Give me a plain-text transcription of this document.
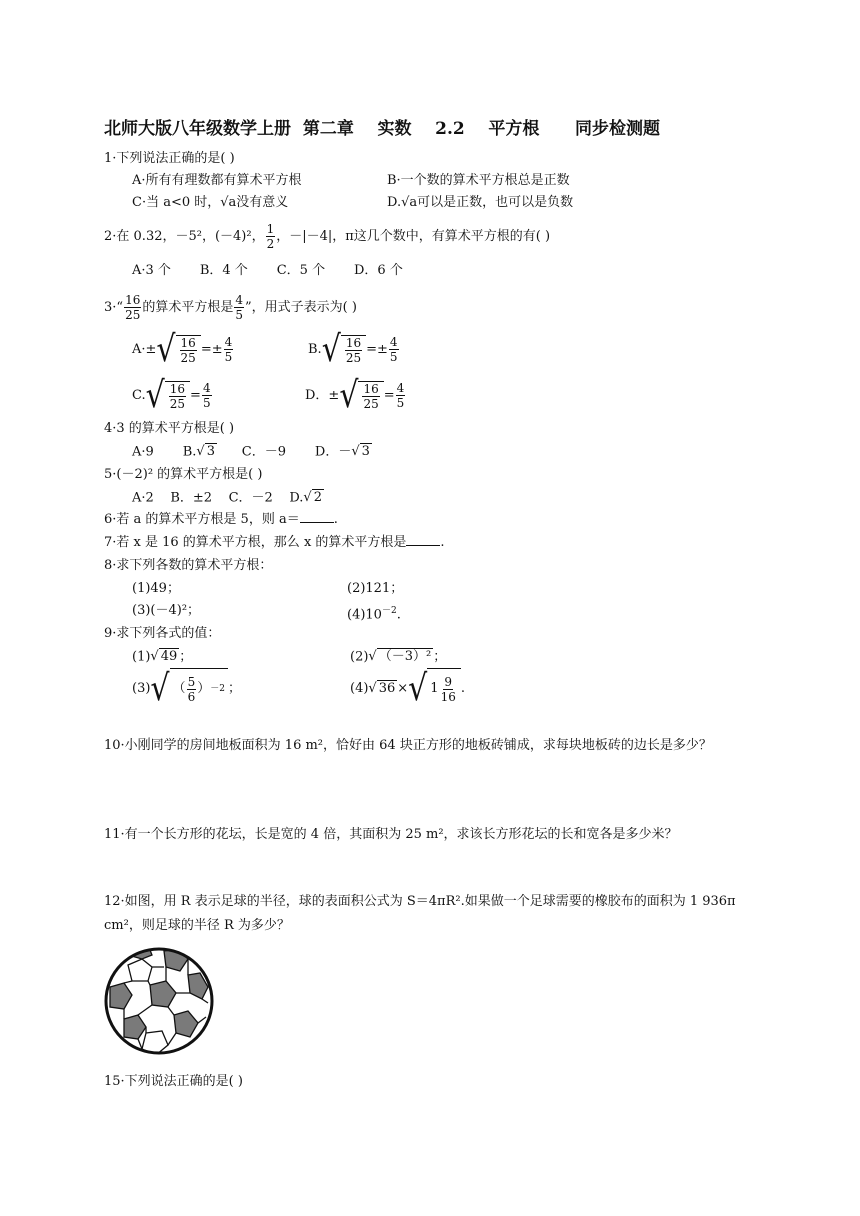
北师大版八年级数学上册  第二章    实数    2.2    平方根      同步检测题
1·下列说法正确的是( )
A·所有有理数都有算术平方根	B·一个数的算术平方根总是正数
C·当 a<0 时，√a没有意义	D.√a可以是正数，也可以是负数
2·在 0.32，－5²，(－4)²， $\frac{1}{2}$ ，－|－4|，π这几个数中，有算术平方根的有( )
A·3 个       B．4 个       C．5 个       D．6 个
3·“ $\frac{16}{25}$ 的算术平方根是 $\frac{4}{5}$ ”，用式子表示为( )
A·± √ $\frac{16}{25} =\pm \frac{4}{5}$	B. √ $\frac{16}{25} =\pm \frac{4}{5}$
C. √ $\frac{16}{25} = \frac{4}{5}$	D．± √ $\frac{16}{25} = \frac{4}{5}$
4·3 的算术平方根是( )
A·9       B.√ 3      C．－9       D．－√ 3
5·(－2)² 的算术平方根是( )
A·2    B．±2    C．－2    D.√ 2
6·若 a 的算术平方根是 5，则 a＝	.
7·若 x 是 16 的算术平方根，那么 x 的算术平方根是	.
8·求下列各数的算术平方根：
(1)49；	(2)121；
(3)(－4)²；	$(4)10^{-2}$.
9·求下列各式的值：
(1)√ 49 ；	(2)√ （－3）² ；
(3) √ （ $\frac{5}{6}$ ） －2 ；	(4)√ 36 × √ $1 \frac{9}{16}$ .
10·小刚同学的房间地板面积为 16 m²，恰好由 64 块正方形的地板砖铺成，求每块地板砖的边长是多少？
11·有一个长方形的花坛，长是宽的 4 倍，其面积为 25 m²，求该长方形花坛的长和宽各是多少米？
12·如图，用 R 表示足球的半径，球的表面积公式为 S＝4πR².如果做一个足球需要的橡胶布的面积为 1 936π cm²，则足球的半径 R 为多少？
15·下列说法正确的是( )
